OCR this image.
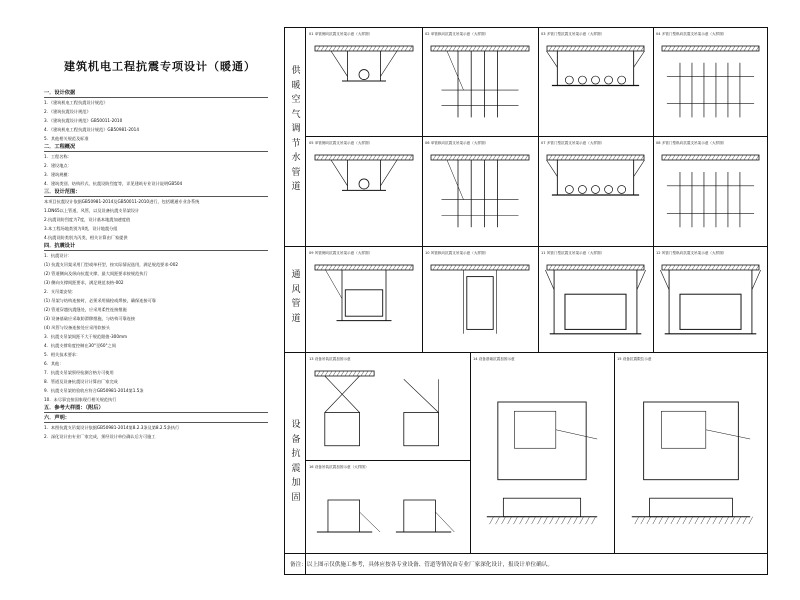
建筑机电工程抗震专项设计（暖通）
一．设计依据
1．《建筑机电工程抗震设计规范》
2．《建筑抗震设计规范》
3．《建筑抗震设计规范》GB50011-2010
4．《建筑机电工程抗震设计规范》GB50981-2014
5．其他相关规范及标准
二．工程概况
1．工程名称：
2．建设地点：
3．建筑规模：
4．建筑类别、结构形式、抗震设防烈度等，详见建筑专业设计说明GB504
三．设计范围：
本项目抗震设计依据GB50981-2014及GB50011-2010进行，包括暖通专业各系统
1.DN65以上管道，风管，以及设备抗震支吊架设计
2.抗震设防烈度为7度，设计基本地震加速度值
3.本工程场地类别为II类，设计地震分组
4.抗震设防类别为丙类，相关计算由厂家提供
四．抗震设计
1．抗震设计：
(1) 抗震支吊架采用门型或单杆型，按实际情况选用，满足规范要求-002
(2) 管道侧向及纵向抗震支撑，最大间距要求按规范执行
(3) 侧向支撑间距要求，满足规范表格-002
2．支吊架安装：
(1) 吊架与结构连接时，必须采用锚栓或焊接，确保连接可靠
(2) 管道穿越抗震缝处，应采用柔性连接措施
(3) 设备基础应采取防滑移措施，与结构可靠连接
(4) 风管与设备连接处应采用软接头
3．抗震支吊架间距不大于规范限值-300mm
4．抗震支撑角度控制在30°至60°之间
5．相关技术要求：
6．其他：
7．抗震支吊架须经检测合格方可使用
8．管道及设备抗震设计计算由厂家完成
9．抗震支吊架的验收应符合GB50981-2014第1.5条
10．未尽事宜按国家现行相关规范执行
五．参考大样图：（附后）
六．声明：
1．本图抗震支吊架设计依据GB50981-2014第8.2.3条及第8.2.5条执行
2．深化设计由专业厂家完成，须经设计单位确认后方可施工
供
暖
空
气
调
节
水
管
道
通
风
管
道
设
备
抗
震
加
固
01 单管侧向抗震支吊架示意（大样图）	02 单管纵向抗震支吊架示意（大样图）	03 多管门型抗震支吊架示意（大样图）	04 多管门型纵向抗震支吊架示意（大样图）
05 单管侧向抗震支吊架示意（大样图）	06 单管纵向抗震支吊架示意（大样图）	07 多管门型抗震支吊架示意（大样图）	08 多管门型纵向抗震支吊架示意（大样图）
09 风管侧向抗震支吊架示意（大样图）	10 风管纵向抗震支吊架示意（大样图）	11 风管门型抗震支吊架示意（大样图）	12 风管门型纵向抗震支吊架示意（大样图）
13 设备吊装抗震加固示意	14 设备基础抗震加固示意	15 设备抗震限位示意
16 设备吊装抗震加固示意（大样图）
备注：以上图示仅供施工参考，具体应按各专业设备、管道等情况由专业厂家深化设计，报设计单位确认。
